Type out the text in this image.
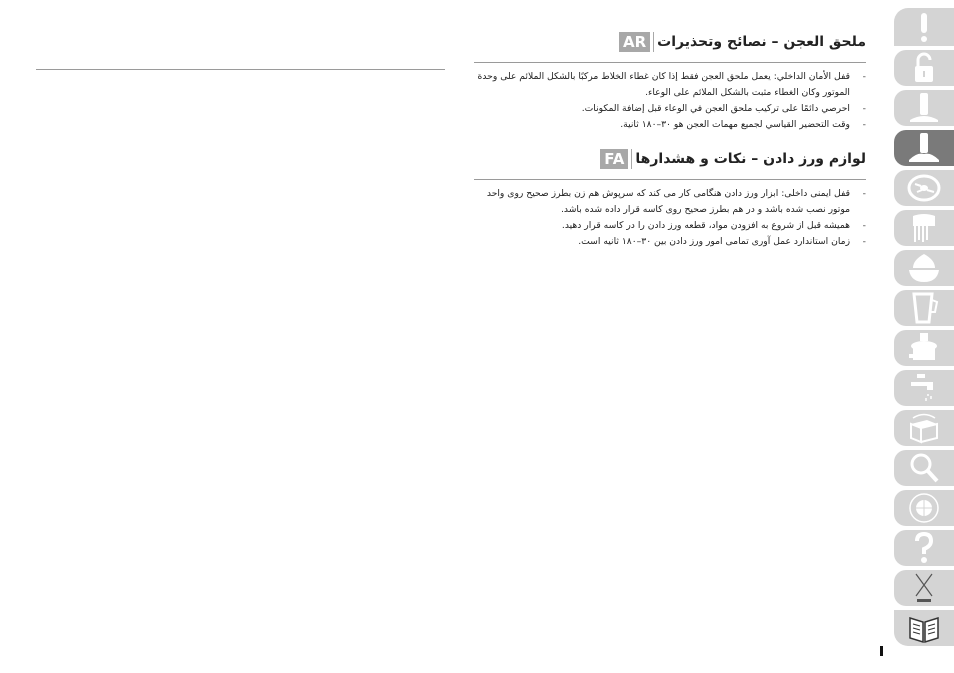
ملحق العجن – نصائح وتحذيرات
AR
- قفل الأمان الداخلي: يعمل ملحق العجن فقط إذا كان غطاء الخلاط مركبًا بالشكل الملائم على وحدة الموتور وكان الغطاء مثبت بالشكل الملائم على الوعاء.
- احرصي دائمًا على تركيب ملحق العجن في الوعاء قبل إضافة المكونات.
- وقت التحضير القياسي لجميع مهمات العجن هو ٣٠–١٨٠ ثانية.
لوازم ورز دادن – نکات و هشدارها
FA
- قفل ایمنی داخلی: ابزار ورز دادن هنگامی کار می کند که سرپوش هم زن بطرز صحیح روی واحد موتور نصب شده باشد و در هم بطرز صحیح روی کاسه قرار داده شده باشد.
- همیشه قبل از شروع به افزودن مواد، قطعه ورز دادن را در کاسه قرار دهید.
- زمان استاندارد عمل آوری تمامی امور ورز دادن بین ۳۰–۱۸۰ ثانیه است.
